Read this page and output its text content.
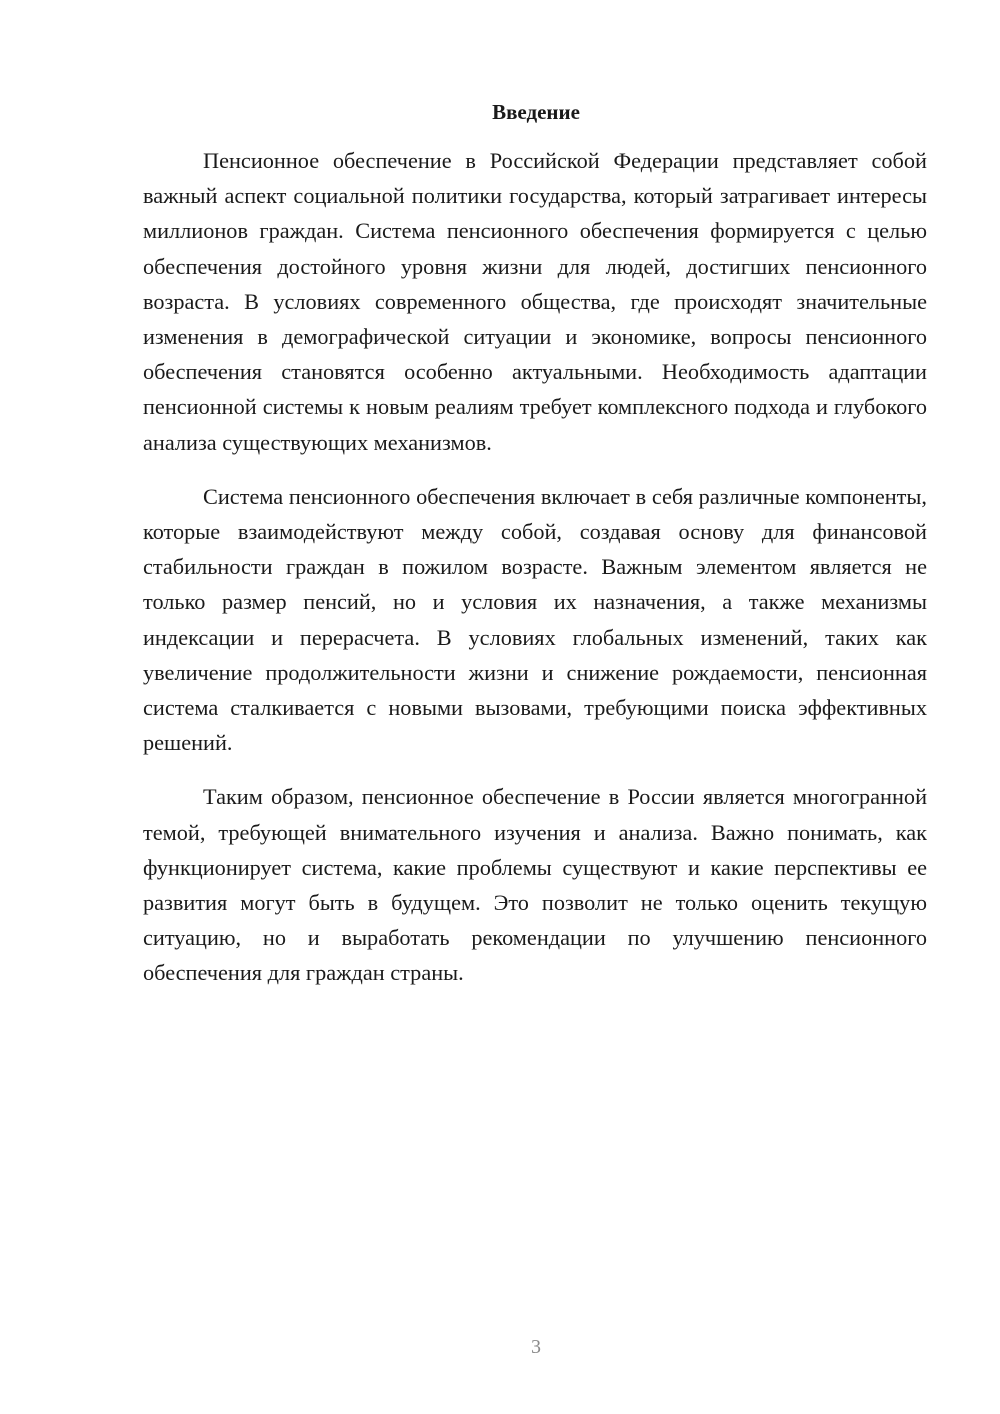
Введение

Пенсионное обеспечение в Российской Федерации представляет собой важный аспект социальной политики государства, который затрагивает интересы миллионов граждан. Система пенсионного обеспечения формируется с целью обеспечения достойного уровня жизни для людей, достигших пенсионного возраста. В условиях современного общества, где происходят значительные изменения в демографической ситуации и экономике, вопросы пенсионного обеспечения становятся особенно актуальными. Необходимость адаптации пенсионной системы к новым реалиям требует комплексного подхода и глубокого анализа существующих механизмов.

Система пенсионного обеспечения включает в себя различные компоненты, которые взаимодействуют между собой, создавая основу для финансовой стабильности граждан в пожилом возрасте. Важным элементом является не только размер пенсий, но и условия их назначения, а также механизмы индексации и перерасчета. В условиях глобальных изменений, таких как увеличение продолжительности жизни и снижение рождаемости, пенсионная система сталкивается с новыми вызовами, требующими поиска эффективных решений.

Таким образом, пенсионное обеспечение в России является многогранной темой, требующей внимательного изучения и анализа. Важно понимать, как функционирует система, какие проблемы существуют и какие перспективы ее развития могут быть в будущем. Это позволит не только оценить текущую ситуацию, но и выработать рекомендации по улучшению пенсионного обеспечения для граждан страны.

3
